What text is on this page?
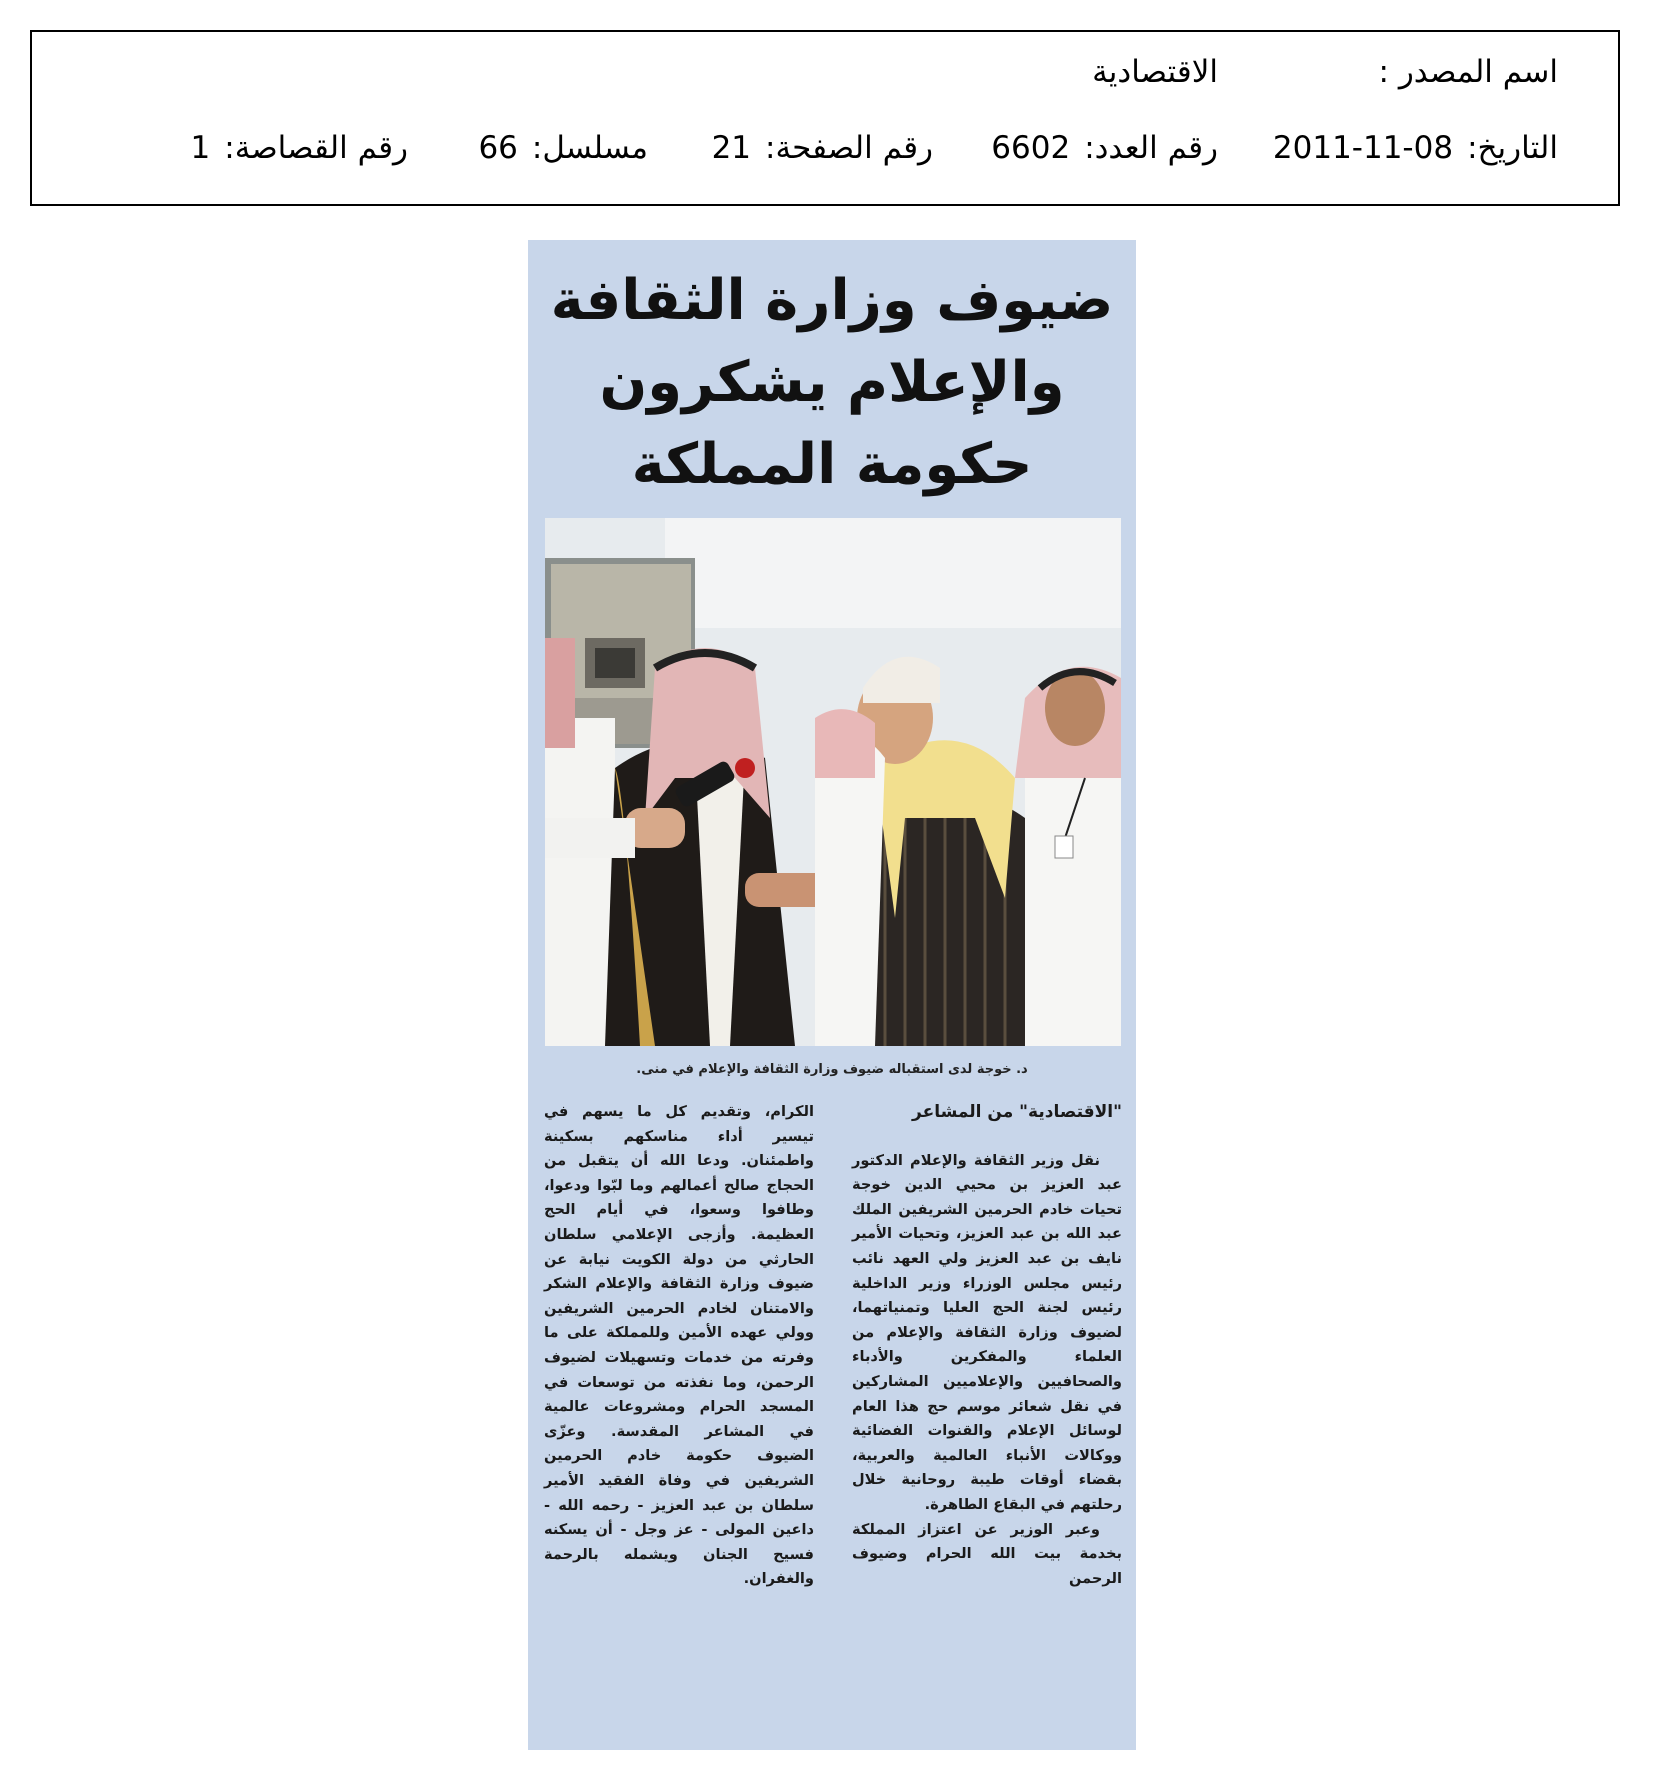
اسم المصدر :
الاقتصادية
التاريخ:
2011-11-08
رقم العدد:
6602
رقم الصفحة:
21
مسلسل:
66
رقم القصاصة:
1
ضيوف وزارة الثقافة
والإعلام يشكرون
حكومة المملكة
د. خوجة لدى استقباله ضيوف وزارة الثقافة والإعلام في منى.
"الاقتصادية" من المشاعر

نقل وزير الثقافة والإعلام الدكتور عبد العزيز بن محيي الدين خوجة تحيات خادم الحرمين الشريفين الملك عبد الله بن عبد العزيز، وتحيات الأمير نايف بن عبد العزيز ولي العهد نائب رئيس مجلس الوزراء وزير الداخلية رئيس لجنة الحج العليا وتمنياتهما، لضيوف وزارة الثقافة والإعلام من العلماء والمفكرين والأدباء والصحافيين والإعلاميين المشاركين في نقل شعائر موسم حج هذا العام لوسائل الإعلام والقنوات الفضائية ووكالات الأنباء العالمية والعربية، بقضاء أوقات طيبة روحانية خلال رحلتهم في البقاع الطاهرة.

وعبر الوزير عن اعتزاز المملكة بخدمة بيت الله الحرام وضيوف الرحمن

الكرام، وتقديم كل ما يسهم في تيسير أداء مناسكهم بسكينة واطمئنان. ودعا الله أن يتقبل من الحجاج صالح أعمالهم وما لبّوا ودعوا، وطافوا وسعوا، في أيام الحج العظيمة. وأزجى الإعلامي سلطان الحارثي من دولة الكويت نيابة عن ضيوف وزارة الثقافة والإعلام الشكر والامتنان لخادم الحرمين الشريفين وولي عهده الأمين وللمملكة على ما وفرته من خدمات وتسهيلات لضيوف الرحمن، وما نفذته من توسعات في المسجد الحرام ومشروعات عالمية في المشاعر المقدسة. وعزّى الضيوف حكومة خادم الحرمين الشريفين في وفاة الفقيد الأمير سلطان بن عبد العزيز - رحمه الله - داعين المولى - عز وجل - أن يسكنه فسيح الجنان ويشمله بالرحمة والغفران.
